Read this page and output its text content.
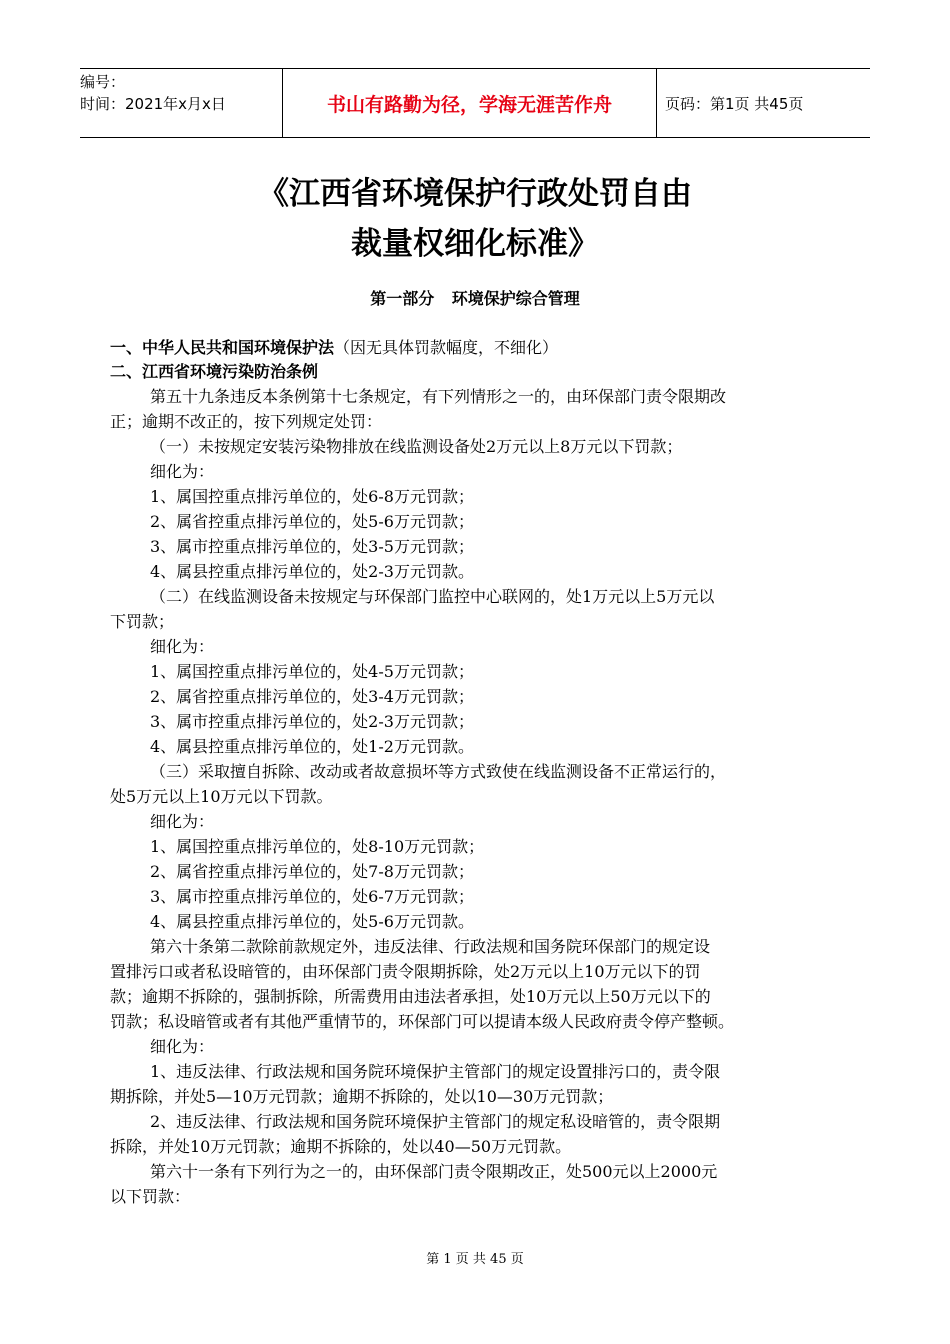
编号：
时间：2021年x月x日	书山有路勤为径，学海无涯苦作舟	页码：第1页 共45页
《江西省环境保护行政处罚自由
裁量权细化标准》
第一部分 环境保护综合管理
一、中华人民共和国环境保护法（因无具体罚款幅度，不细化）
二、江西省环境污染防治条例
第五十九条违反本条例第十七条规定，有下列情形之一的，由环保部门责令限期改
正；逾期不改正的，按下列规定处罚：
（一）未按规定安装污染物排放在线监测设备处2万元以上8万元以下罚款；
细化为：
1、属国控重点排污单位的，处6-8万元罚款；
2、属省控重点排污单位的，处5-6万元罚款；
3、属市控重点排污单位的，处3-5万元罚款；
4、属县控重点排污单位的，处2-3万元罚款。
（二）在线监测设备未按规定与环保部门监控中心联网的，处1万元以上5万元以
下罚款；
细化为：
1、属国控重点排污单位的，处4-5万元罚款；
2、属省控重点排污单位的，处3-4万元罚款；
3、属市控重点排污单位的，处2-3万元罚款；
4、属县控重点排污单位的，处1-2万元罚款。
（三）采取擅自拆除、改动或者故意损坏等方式致使在线监测设备不正常运行的，
处5万元以上10万元以下罚款。
细化为：
1、属国控重点排污单位的，处8-10万元罚款；
2、属省控重点排污单位的，处7-8万元罚款；
3、属市控重点排污单位的，处6-7万元罚款；
4、属县控重点排污单位的，处5-6万元罚款。
第六十条第二款除前款规定外，违反法律、行政法规和国务院环保部门的规定设
置排污口或者私设暗管的，由环保部门责令限期拆除，处2万元以上10万元以下的罚
款；逾期不拆除的，强制拆除，所需费用由违法者承担，处10万元以上50万元以下的
罚款；私设暗管或者有其他严重情节的，环保部门可以提请本级人民政府责令停产整顿。
细化为：
1、违反法律、行政法规和国务院环境保护主管部门的规定设置排污口的，责令限
期拆除，并处5—10万元罚款；逾期不拆除的，处以10—30万元罚款；
2、违反法律、行政法规和国务院环境保护主管部门的规定私设暗管的，责令限期
拆除，并处10万元罚款；逾期不拆除的，处以40—50万元罚款。
第六十一条有下列行为之一的，由环保部门责令限期改正，处500元以上2000元
以下罚款：
第 1 页 共 45 页
